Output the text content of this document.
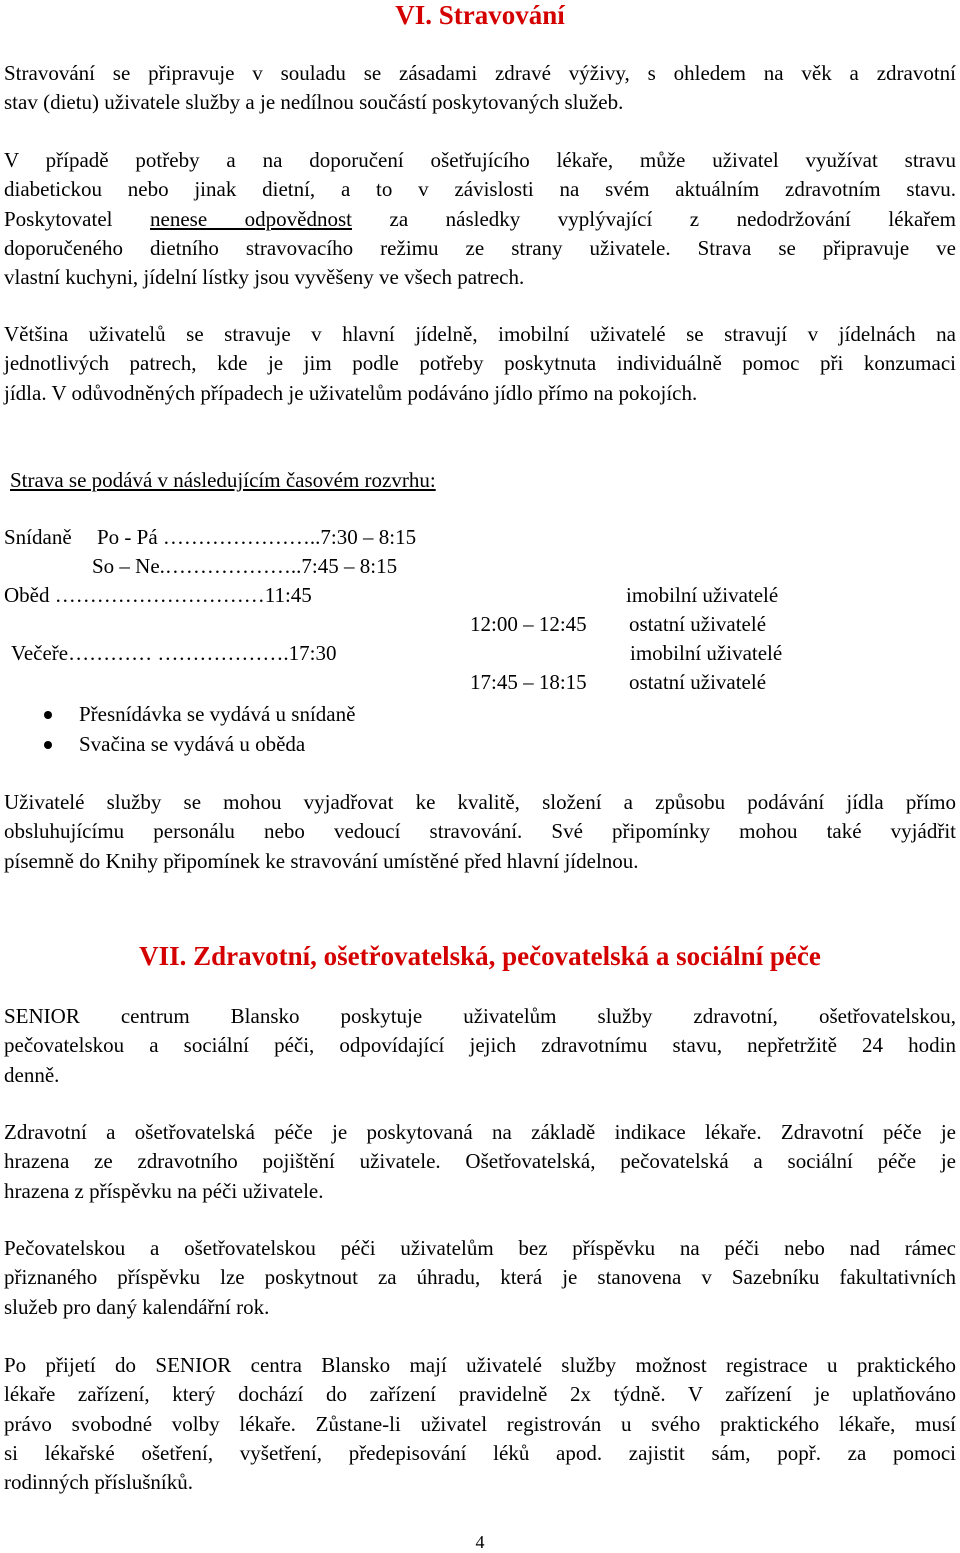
VI. Stravování
Stravování se připravuje v souladu se zásadami zdravé výživy, s ohledem na věk a zdravotní
stav (dietu) uživatele služby a je nedílnou součástí poskytovaných služeb.
V případě potřeby a na doporučení ošetřujícího lékaře, může uživatel využívat stravu
diabetickou nebo jinak dietní, a to v závislosti na svém aktuálním zdravotním stavu.
Poskytovatel nenese odpovědnost za následky vyplývající z nedodržování lékařem
doporučeného dietního stravovacího režimu ze strany uživatele. Strava se připravuje ve
vlastní kuchyni, jídelní lístky jsou vyvěšeny ve všech patrech.
Většina uživatelů se stravuje v hlavní jídelně, imobilní uživatelé se stravují v jídelnách na
jednotlivých patrech, kde je jim podle potřeby poskytnuta individuálně pomoc při konzumaci
jídla. V odůvodněných případech je uživatelům podáváno jídlo přímo na pokojích.
Strava se podává v následujícím časovém rozvrhu:
Snídaně Po - Pá …………………..7:30 – 8:15
So – Ne.………………..7:45 – 8:15
Oběd …………………………11:45	imobilní uživatelé
12:00 – 12:45 ostatní uživatelé
Večeře………… ……………….17:30	imobilní uživatelé
17:45 – 18:15 ostatní uživatelé
Přesnídávka se vydává u snídaně
Svačina se vydává u oběda
Uživatelé služby se mohou vyjadřovat ke kvalitě, složení a způsobu podávání jídla přímo
obsluhujícímu personálu nebo vedoucí stravování. Své připomínky mohou také vyjádřit
písemně do Knihy připomínek ke stravování umístěné před hlavní jídelnou.
VII. Zdravotní, ošetřovatelská, pečovatelská a sociální péče
SENIOR centrum Blansko poskytuje uživatelům služby zdravotní, ošetřovatelskou,
pečovatelskou a sociální péči, odpovídající jejich zdravotnímu stavu, nepřetržitě 24 hodin
denně.
Zdravotní a ošetřovatelská péče je poskytovaná na základě indikace lékaře. Zdravotní péče je
hrazena ze zdravotního pojištění uživatele. Ošetřovatelská, pečovatelská a sociální péče je
hrazena z příspěvku na péči uživatele.
Pečovatelskou a ošetřovatelskou péči uživatelům bez příspěvku na péči nebo nad rámec
přiznaného příspěvku lze poskytnout za úhradu, která je stanovena v Sazebníku fakultativních
služeb pro daný kalendářní rok.
Po přijetí do SENIOR centra Blansko mají uživatelé služby možnost registrace u praktického
lékaře zařízení, který dochází do zařízení pravidelně 2x týdně. V zařízení je uplatňováno
právo svobodné volby lékaře. Zůstane-li uživatel registrován u svého praktického lékaře, musí
si lékařské ošetření, vyšetření, předepisování léků apod. zajistit sám, popř. za pomoci
rodinných příslušníků.
4
